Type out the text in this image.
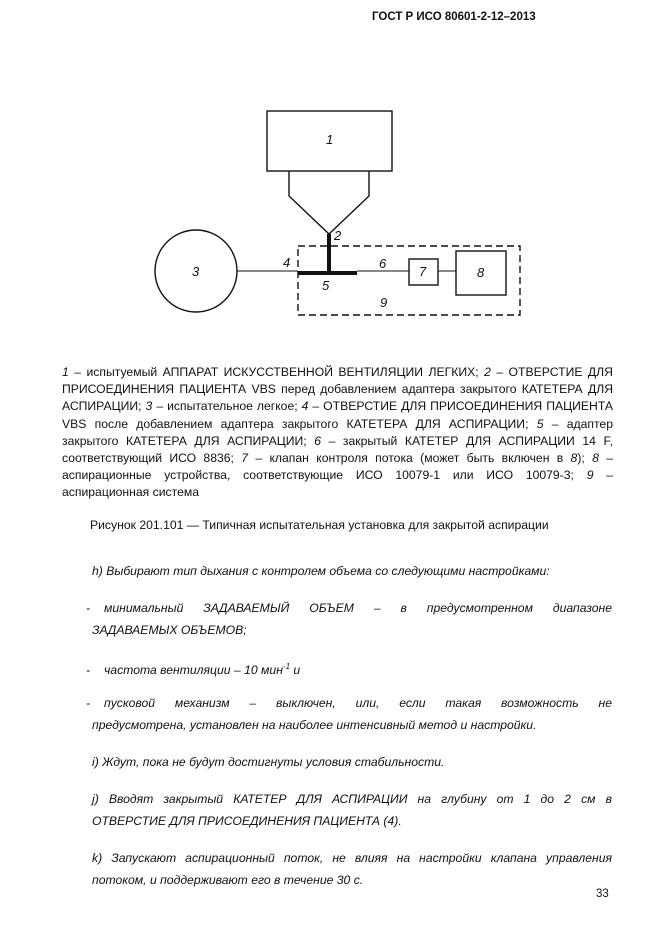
ГОСТ Р ИСО 80601-2-12–2013
1
3
9
7	8
2
4
5
6
1 – испытуемый АППАРАТ ИСКУССТВЕННОЙ ВЕНТИЛЯЦИИ ЛЕГКИХ; 2 – ОТВЕРСТИЕ ДЛЯ ПРИСОЕДИНЕНИЯ ПАЦИЕНТА VBS перед добавлением адаптера закрытого КАТЕТЕРА ДЛЯ АСПИРАЦИИ; 3 – испытательное легкое; 4 – ОТВЕРСТИЕ ДЛЯ ПРИСОЕДИНЕНИЯ ПАЦИЕНТА VBS после добавлением адаптера закрытого КАТЕТЕРА ДЛЯ АСПИРАЦИИ; 5 – адаптер закрытого КАТЕТЕРА ДЛЯ АСПИРАЦИИ; 6 – закрытый КАТЕТЕР ДЛЯ АСПИРАЦИИ 14 F, соответствующий ИСО 8836; 7 – клапан контроля потока (может быть включен в 8); 8 – аспирационные устройства, соответствующие ИСО 10079-1 или ИСО 10079-3; 9 – аспирационная система
Рисунок 201.101 — Типичная испытательная установка для закрытой аспирации
h) Выбирают тип дыхания с контролем объема со следующими настройками:
- минимальный ЗАДАВАЕМЫЙ ОБЪЕМ – в предусмотренном диапазоне
ЗАДАВАЕМЫХ ОБЪЕМОВ;
- частота вентиляции – 10 мин$^{-1}$ и
- пусковой механизм – выключен, или, если такая возможность не
предусмотрена, установлен на наиболее интенсивный метод и настройки.
i) Ждут, пока не будут достигнуты условия стабильности.
j) Вводят закрытый КАТЕТЕР ДЛЯ АСПИРАЦИИ на глубину от 1 до 2 см в
ОТВЕРСТИЕ ДЛЯ ПРИСОЕДИНЕНИЯ ПАЦИЕНТА (4).
k) Запускают аспирационный поток, не влияя на настройки клапана управления
потоком, и поддерживают его в течение 30 с.
33
